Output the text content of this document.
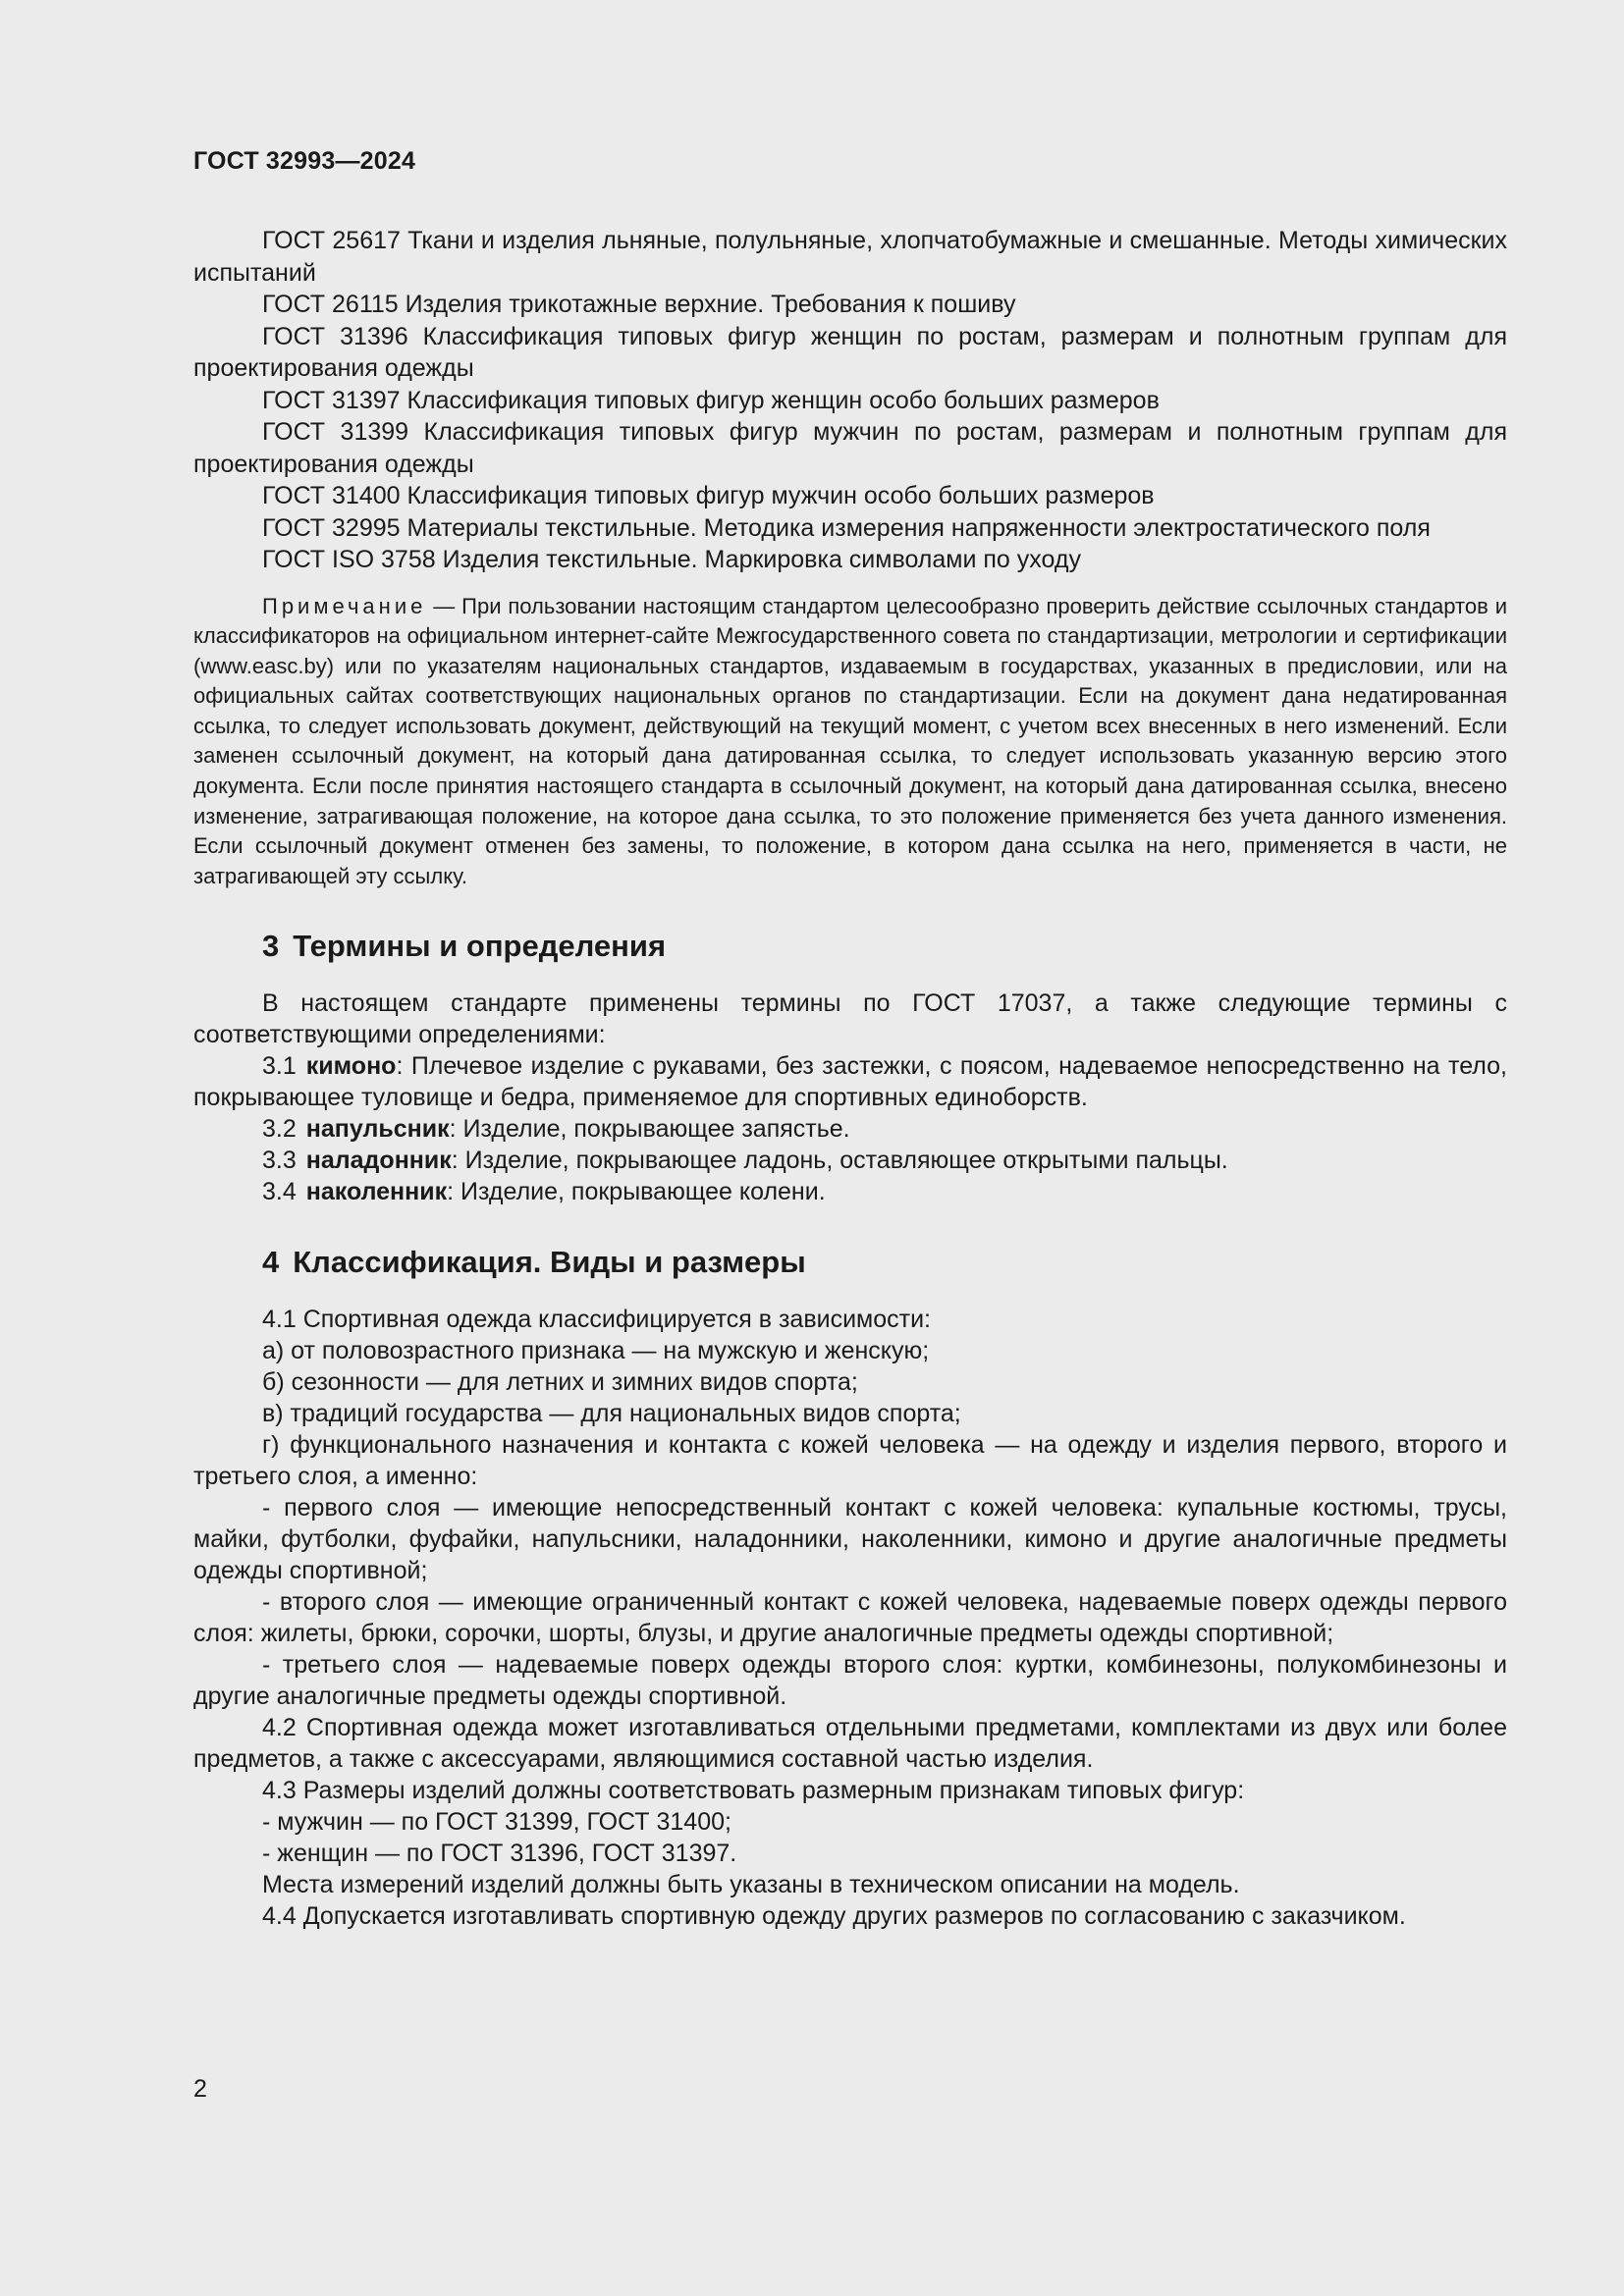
ГОСТ 32993—2024

ГОСТ 25617 Ткани и изделия льняные, полульняные, хлопчатобумажные и смешанные. Методы химических испытаний

ГОСТ 26115 Изделия трикотажные верхние. Требования к пошиву

ГОСТ 31396 Классификация типовых фигур женщин по ростам, размерам и полнотным группам для проектирования одежды

ГОСТ 31397 Классификация типовых фигур женщин особо больших размеров

ГОСТ 31399 Классификация типовых фигур мужчин по ростам, размерам и полнотным группам для проектирования одежды

ГОСТ 31400 Классификация типовых фигур мужчин особо больших размеров

ГОСТ 32995 Материалы текстильные. Методика измерения напряженности электростатического поля

ГОСТ ISO 3758 Изделия текстильные. Маркировка символами по уходу

Примечание — При пользовании настоящим стандартом целесообразно проверить действие ссылочных стандартов и классификаторов на официальном интернет-сайте Межгосударственного совета по стандартизации, метрологии и сертификации (www.easc.by) или по указателям национальных стандартов, издаваемым в государствах, указанных в предисловии, или на официальных сайтах соответствующих национальных органов по стандартизации. Если на документ дана недатированная ссылка, то следует использовать документ, действующий на текущий момент, с учетом всех внесенных в него изменений. Если заменен ссылочный документ, на который дана датированная ссылка, то следует использовать указанную версию этого документа. Если после принятия настоящего стандарта в ссылочный документ, на который дана датированная ссылка, внесено изменение, затрагивающая положение, на которое дана ссылка, то это положение применяется без учета данного изменения. Если ссылочный документ отменен без замены, то положение, в котором дана ссылка на него, применяется в части, не затрагивающей эту ссылку.

3 Термины и определения

В настоящем стандарте применены термины по ГОСТ 17037, а также следующие термины с соответствующими определениями:

3.1 кимоно: Плечевое изделие с рукавами, без застежки, с поясом, надеваемое непосредственно на тело, покрывающее туловище и бедра, применяемое для спортивных единоборств.

3.2 напульсник: Изделие, покрывающее запястье.

3.3 наладонник: Изделие, покрывающее ладонь, оставляющее открытыми пальцы.

3.4 наколенник: Изделие, покрывающее колени.

4 Классификация. Виды и размеры

4.1 Спортивная одежда классифицируется в зависимости:

а) от половозрастного признака — на мужскую и женскую;

б) сезонности — для летних и зимних видов спорта;

в) традиций государства — для национальных видов спорта;

г) функционального назначения и контакта с кожей человека — на одежду и изделия первого, второго и третьего слоя, а именно:

- первого слоя — имеющие непосредственный контакт с кожей человека: купальные костюмы, трусы, майки, футболки, фуфайки, напульсники, наладонники, наколенники, кимоно и другие аналогичные предметы одежды спортивной;

- второго слоя — имеющие ограниченный контакт с кожей человека, надеваемые поверх одежды первого слоя: жилеты, брюки, сорочки, шорты, блузы, и другие аналогичные предметы одежды спортивной;

- третьего слоя — надеваемые поверх одежды второго слоя: куртки, комбинезоны, полукомбинезоны и другие аналогичные предметы одежды спортивной.

4.2 Спортивная одежда может изготавливаться отдельными предметами, комплектами из двух или более предметов, а также с аксессуарами, являющимися составной частью изделия.

4.3 Размеры изделий должны соответствовать размерным признакам типовых фигур:

- мужчин — по ГОСТ 31399, ГОСТ 31400;

- женщин — по ГОСТ 31396, ГОСТ 31397.

Места измерений изделий должны быть указаны в техническом описании на модель.

4.4 Допускается изготавливать спортивную одежду других размеров по согласованию с заказчиком.

2
